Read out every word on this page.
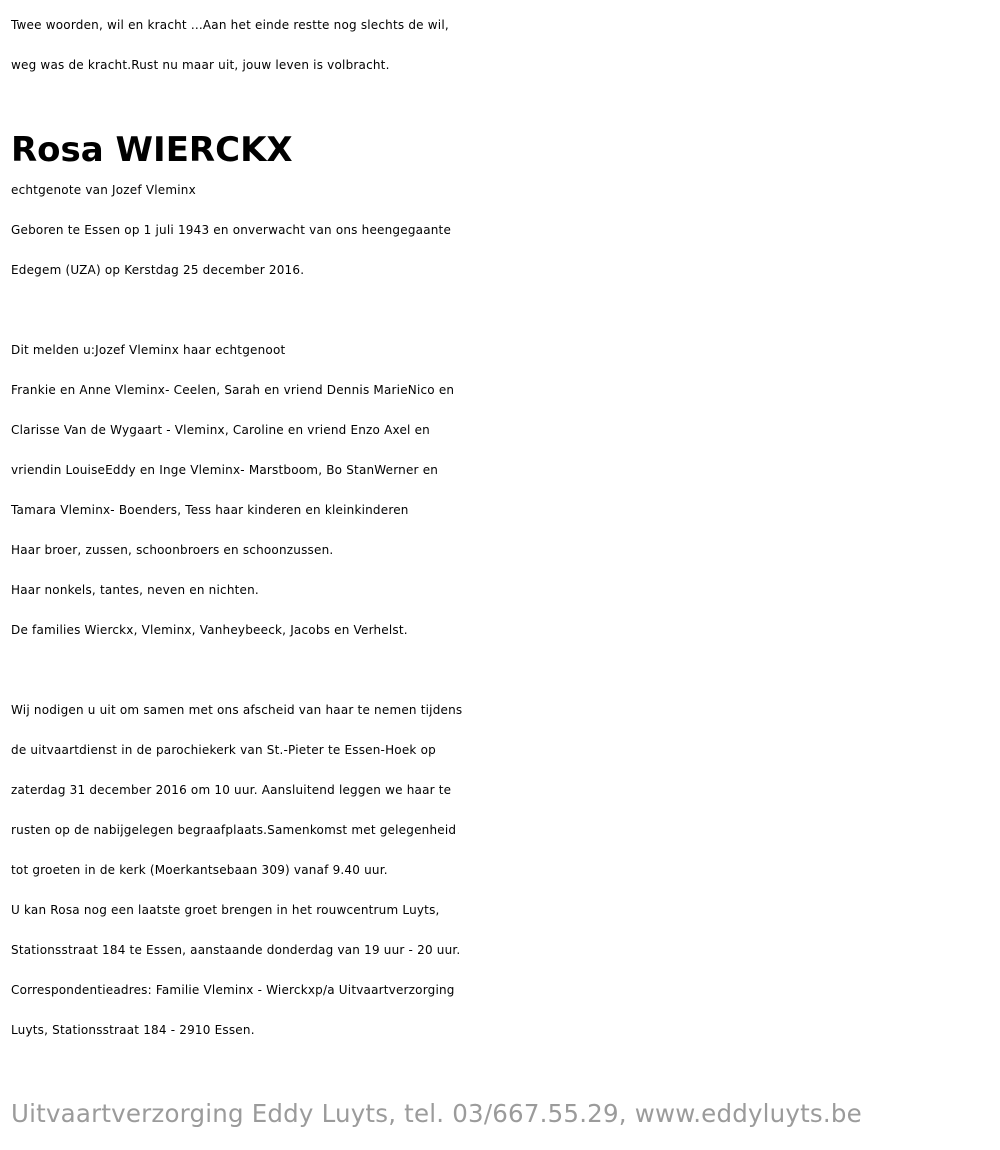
Twee woorden, wil en kracht ...Aan het einde restte nog slechts de wil,
weg was de kracht.Rust nu maar uit, jouw leven is volbracht.
Rosa WIERCKX
echtgenote van Jozef Vleminx
Geboren te Essen op 1 juli 1943 en onverwacht van ons heengegaante
Edegem (UZA) op Kerstdag 25 december 2016.
Dit melden u:Jozef Vleminx haar echtgenoot
Frankie en Anne Vleminx- Ceelen, Sarah en vriend Dennis MarieNico en
Clarisse Van de Wygaart - Vleminx, Caroline en vriend Enzo Axel en
vriendin LouiseEddy en Inge Vleminx- Marstboom, Bo StanWerner en
Tamara Vleminx- Boenders, Tess haar kinderen en kleinkinderen
Haar broer, zussen, schoonbroers en schoonzussen.
Haar nonkels, tantes, neven en nichten.
De families Wierckx, Vleminx, Vanheybeeck, Jacobs en Verhelst.
Wij nodigen u uit om samen met ons afscheid van haar te nemen tijdens
de uitvaartdienst in de parochiekerk van St.-Pieter te Essen-Hoek op
zaterdag 31 december 2016 om 10 uur. Aansluitend leggen we haar te
rusten op de nabijgelegen begraafplaats.Samenkomst met gelegenheid
tot groeten in de kerk (Moerkantsebaan 309) vanaf 9.40 uur.
U kan Rosa nog een laatste groet brengen in het rouwcentrum Luyts,
Stationsstraat 184 te Essen, aanstaande donderdag van 19 uur - 20 uur.
Correspondentieadres: Familie Vleminx - Wierckxp/a Uitvaartverzorging
Luyts, Stationsstraat 184 - 2910 Essen.
Uitvaartverzorging Eddy Luyts, tel. 03/667.55.29, www.eddyluyts.be
